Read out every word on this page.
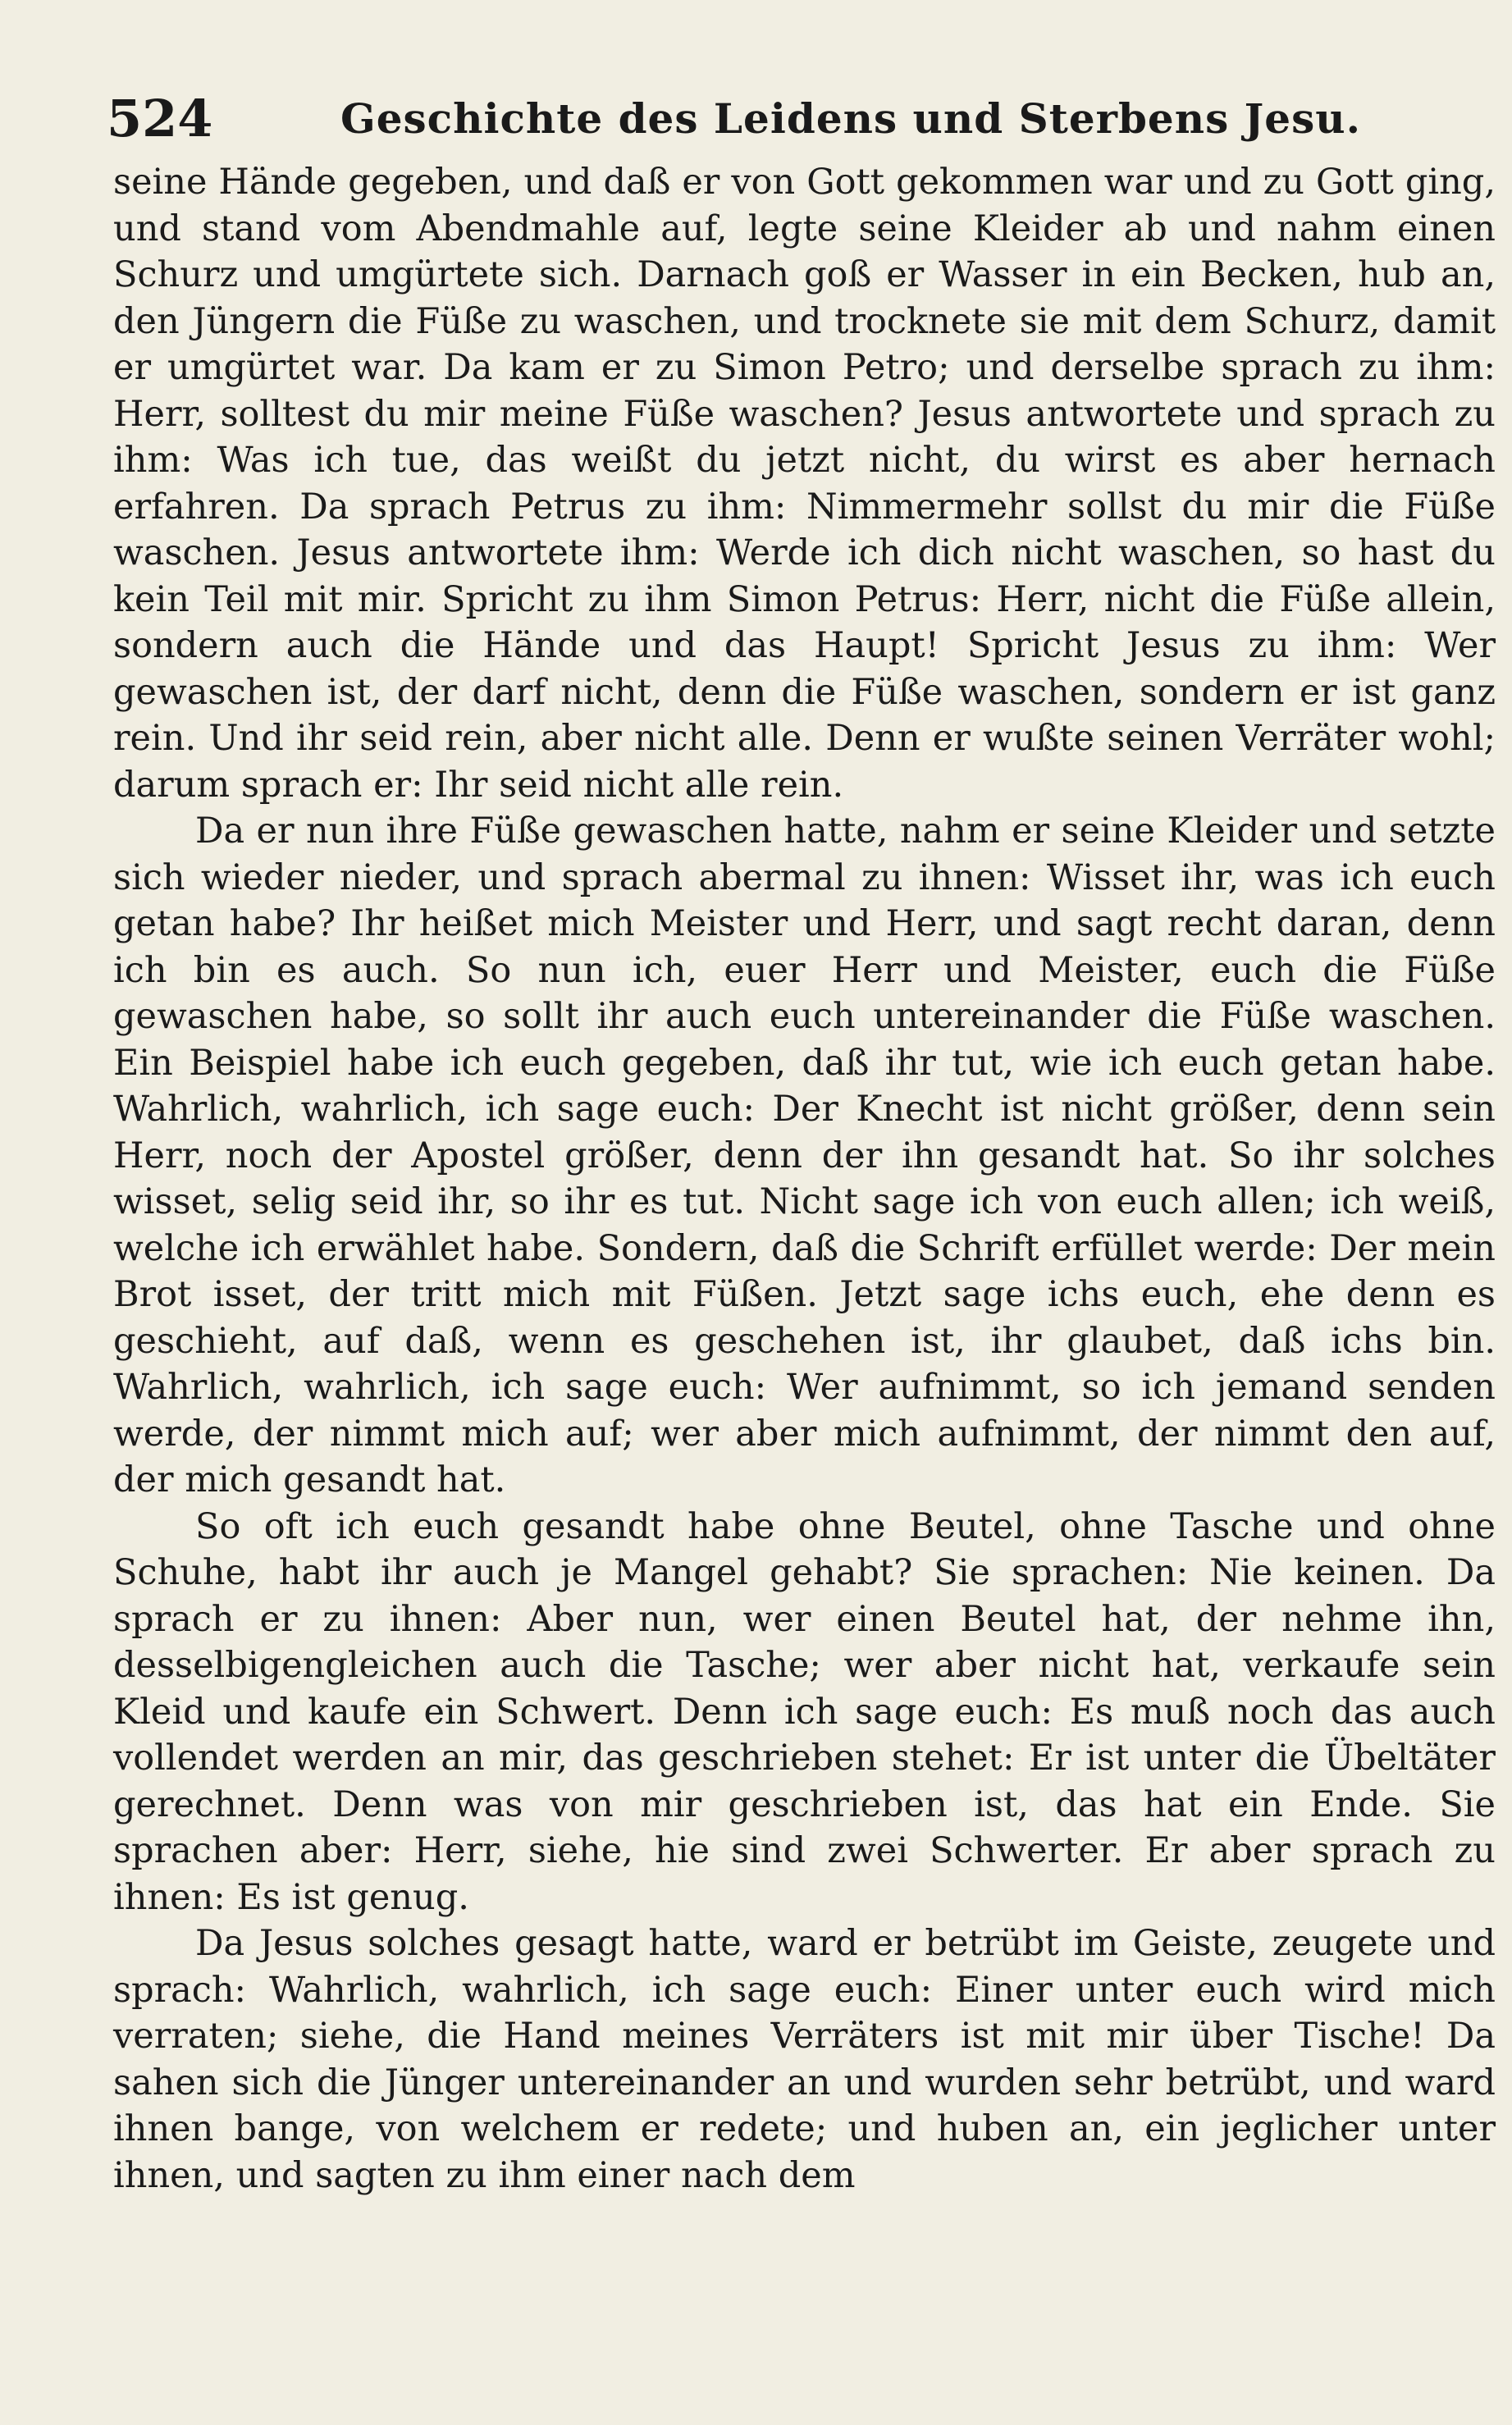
524	Geschichte des Leidens und Sterbens Jesu.

seine Hände gegeben, und daß er von Gott gekommen war und zu Gott ging, und stand vom Abendmahle auf, legte seine Kleider ab und nahm einen Schurz und umgürtete sich. Darnach goß er Wasser in ein Becken, hub an, den Jüngern die Füße zu waschen, und trocknete sie mit dem Schurz, damit er umgürtet war. Da kam er zu Simon Petro; und derselbe sprach zu ihm: Herr, solltest du mir meine Füße waschen? Jesus antwortete und sprach zu ihm: Was ich tue, das weißt du jetzt nicht, du wirst es aber hernach erfahren. Da sprach Petrus zu ihm: Nimmermehr sollst du mir die Füße waschen. Jesus antwortete ihm: Werde ich dich nicht waschen, so hast du kein Teil mit mir. Spricht zu ihm Simon Petrus: Herr, nicht die Füße allein, sondern auch die Hände und das Haupt! Spricht Jesus zu ihm: Wer gewaschen ist, der darf nicht, denn die Füße waschen, sondern er ist ganz rein. Und ihr seid rein, aber nicht alle. Denn er wußte seinen Verräter wohl; darum sprach er: Ihr seid nicht alle rein.

Da er nun ihre Füße gewaschen hatte, nahm er seine Kleider und setzte sich wieder nieder, und sprach abermal zu ihnen: Wisset ihr, was ich euch getan habe? Ihr heißet mich Meister und Herr, und sagt recht daran, denn ich bin es auch. So nun ich, euer Herr und Meister, euch die Füße gewaschen habe, so sollt ihr auch euch untereinander die Füße waschen. Ein Beispiel habe ich euch gegeben, daß ihr tut, wie ich euch getan habe. Wahrlich, wahrlich, ich sage euch: Der Knecht ist nicht größer, denn sein Herr, noch der Apostel größer, denn der ihn gesandt hat. So ihr solches wisset, selig seid ihr, so ihr es tut. Nicht sage ich von euch allen; ich weiß, welche ich erwählet habe. Sondern, daß die Schrift erfüllet werde: Der mein Brot isset, der tritt mich mit Füßen. Jetzt sage ichs euch, ehe denn es geschieht, auf daß, wenn es geschehen ist, ihr glaubet, daß ichs bin. Wahrlich, wahrlich, ich sage euch: Wer aufnimmt, so ich jemand senden werde, der nimmt mich auf; wer aber mich aufnimmt, der nimmt den auf, der mich gesandt hat.

So oft ich euch gesandt habe ohne Beutel, ohne Tasche und ohne Schuhe, habt ihr auch je Mangel gehabt? Sie sprachen: Nie keinen. Da sprach er zu ihnen: Aber nun, wer einen Beutel hat, der nehme ihn, desselbigengleichen auch die Tasche; wer aber nicht hat, verkaufe sein Kleid und kaufe ein Schwert. Denn ich sage euch: Es muß noch das auch vollendet werden an mir, das geschrieben stehet: Er ist unter die Übeltäter gerechnet. Denn was von mir geschrieben ist, das hat ein Ende. Sie sprachen aber: Herr, siehe, hie sind zwei Schwerter. Er aber sprach zu ihnen: Es ist genug.

Da Jesus solches gesagt hatte, ward er betrübt im Geiste, zeugete und sprach: Wahrlich, wahrlich, ich sage euch: Einer unter euch wird mich verraten; siehe, die Hand meines Verräters ist mit mir über Tische! Da sahen sich die Jünger untereinander an und wurden sehr betrübt, und ward ihnen bange, von welchem er redete; und huben an, ein jeglicher unter ihnen, und sagten zu ihm einer nach dem
